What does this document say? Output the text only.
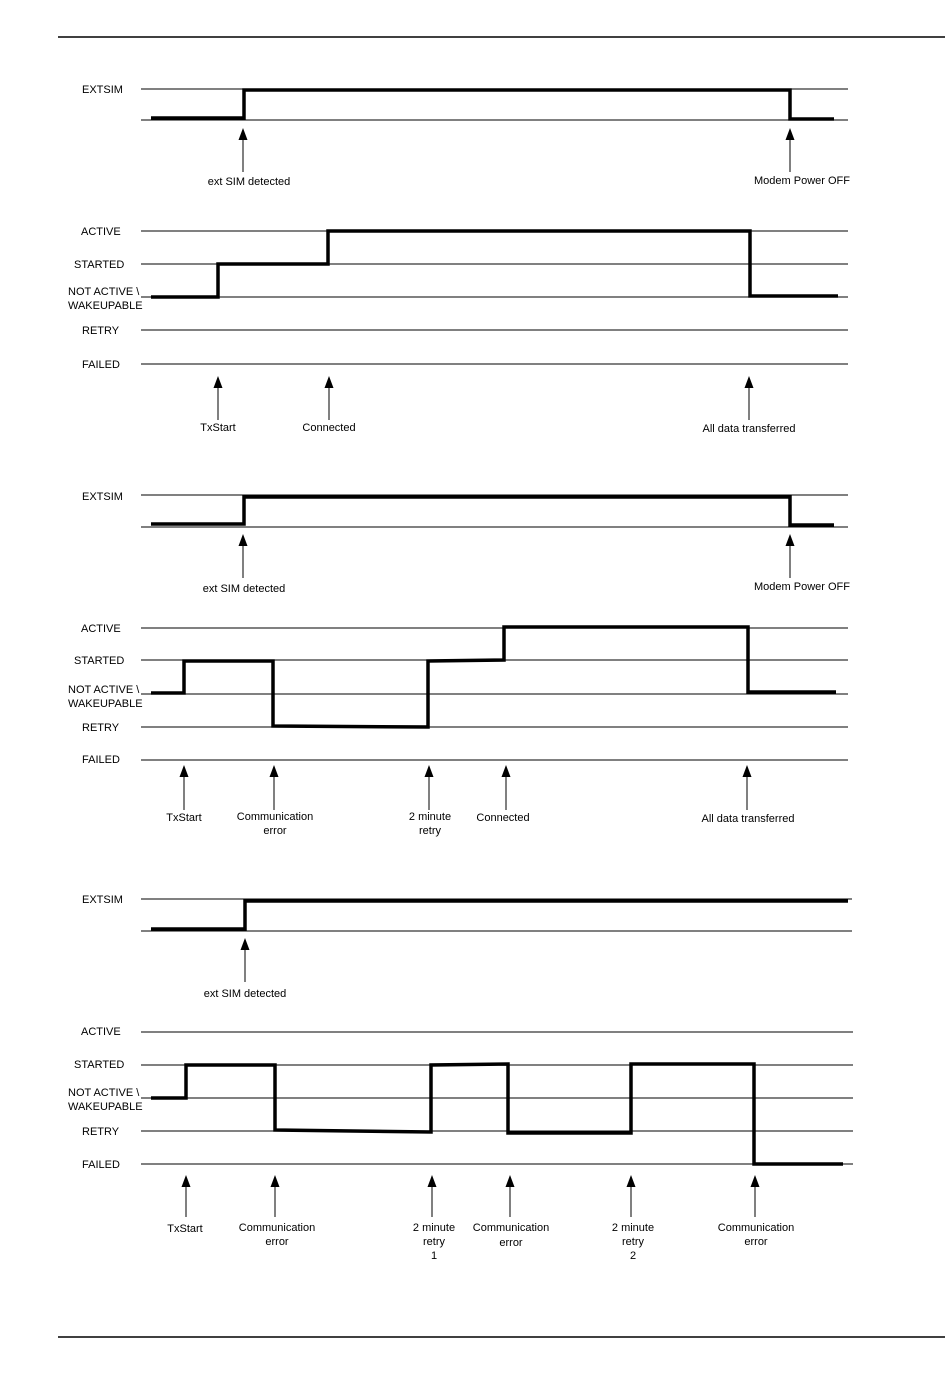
EXTSIM
ext SIM detected	Modem Power OFF
ACTIVE
STARTED
NOT ACTIVE \
WAKEUPABLE
RETRY
FAILED
TxStart	Connected	All data transferred
EXTSIM
ext SIM detected	Modem Power OFF
ACTIVE
STARTED
NOT ACTIVE \
WAKEUPABLE
RETRY
FAILED
TxStart	Communication
error
2 minute
retry
Connected	All data transferred
EXTSIM
ext SIM detected
ACTIVE
STARTED
NOT ACTIVE \
WAKEUPABLE
RETRY
FAILED
TxStart	Communication
error
2 minute
retry
1
Communication
error
2 minute
retry
2
Communication
error
